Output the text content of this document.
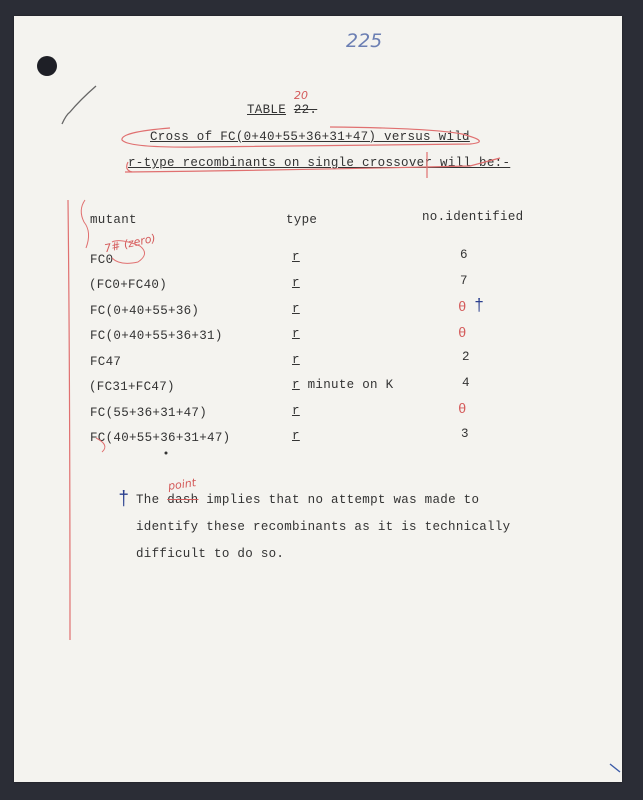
225
TABLE 22.
20
Cross of FC(0+40+55+36+31+47) versus wild
r-type recombinants on single crossover will be:-
mutant	type	no.identified
FC0	r	6
(FC0+FC40)	r	7
FC(0+40+55+36)	r	θ †
FC(0+40+55+36+31)	r	θ
FC47	r	2
(FC31+FC47)	r minute on K	4
FC(55+36+31+47)	r	θ
FC(40+55+36+31+47)	r	3
7# (zero)
† The dash implies that no attempt was made to
point
identify these recombinants as it is technically
difficult to do so.
